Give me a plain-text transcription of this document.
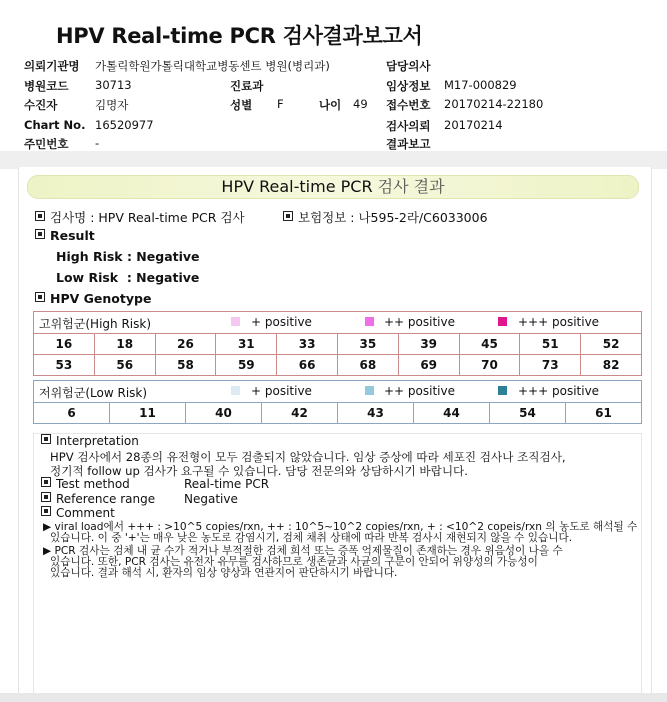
HPV Real-time PCR 검사결과보고서
의뢰기관명 가톨릭학원가톨릭대학교병동센트 병원(병리과)	담당의사
병원코드 30713	진료과	임상정보 M17-000829
수진자	김명자	성별 F	나이 49 접수번호 20170214-22180
Chart No. 16520977	검사의뢰 20170214
주민번호 -	결과보고
HPV Real-time PCR 검사 결과
검사명 : HPV Real-time PCR 검사	보험정보 : 나595-2라/C6033006
Result
High Risk : Negative
Low Risk  : Negative
HPV Genotype
고위험군(High Risk)	+ positive	++ positive	+++ positive
16	18	26	31	33	35	39	45	51	52
53	56	58	59	66	68	69	70	73	82
저위험군(Low Risk)	+ positive	++ positive	+++ positive
6	11	40	42	43	44	54	61
Interpretation
HPV 검사에서 28종의 유전형이 모두 검출되지 않았습니다. 임상 증상에 따라 세포진 검사나 조직검사,
정기적 follow up 검사가 요구될 수 있습니다. 담당 전문의와 상담하시기 바랍니다.
Test method	Real-time PCR
Reference range Negative
Comment
▶ viral load에서 +++ : >10^5 copies/rxn, ++ : 10^5~10^2 copies/rxn, + : <10^2 copeis/rxn 의 농도로 해석될 수
있습니다. 이 중 '+'는 매우 낮은 농도로 감염시기, 검체 채취 상태에 따라 반복 검사시 재현되지 않을 수 있습니다.
▶ PCR 검사는 검체 내 균 수가 적거나 부적절한 검체 희석 또는 증폭 억제물질이 존재하는 경우 위음성이 나올 수
있습니다. 또한, PCR 검사는 유전자 유무를 검사하므로 생존균과 사균의 구분이 안되어 위양성의 가능성이
있습니다. 결과 해석 시, 환자의 임상 양상과 연관지어 판단하시기 바랍니다.
